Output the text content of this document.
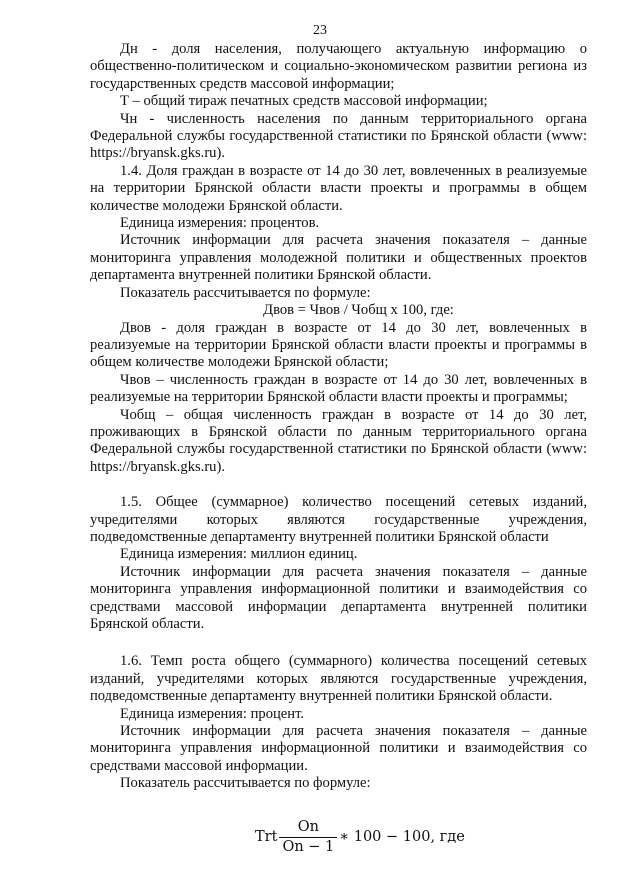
23

Дн - доля населения, получающего актуальную информацию о общественно-политическом и социально-экономическом развитии региона из государственных средств массовой информации;

Т – общий тираж печатных средств массовой информации;

Чн - численность населения по данным территориального органа Федеральной службы государственной статистики по Брянской области (www: https://bryansk.gks.ru).

1.4. Доля граждан в возрасте от 14 до 30 лет, вовлеченных в реализуемые на территории Брянской области власти проекты и программы в общем количестве молодежи Брянской области.

Единица измерения: процентов.

Источник информации для расчета значения показателя – данные мониторинга управления молодежной политики и общественных проектов департамента внутренней политики Брянской области.

Показатель рассчитывается по формуле:

Двов = Чвов / Чобщ х 100, где:

Двов - доля граждан в возрасте от 14 до 30 лет, вовлеченных в реализуемые на территории Брянской области власти проекты и программы в общем количестве молодежи Брянской области;

Чвов – численность граждан в возрасте от 14 до 30 лет, вовлеченных в реализуемые на территории Брянской области власти проекты и программы;

Чобщ – общая численность граждан в возрасте от 14 до 30 лет, проживающих в Брянской области по данным территориального органа Федеральной службы государственной статистики по Брянской области (www: https://bryansk.gks.ru).

1.5. Общее (суммарное) количество посещений сетевых изданий, учредителями которых являются государственные учреждения, подведомственные департаменту внутренней политики Брянской области

Единица измерения: миллион единиц.

Источник информации для расчета значения показателя – данные мониторинга управления информационной политики и взаимодействия со средствами массовой информации департамента внутренней политики Брянской области.

1.6. Темп роста общего (суммарного) количества посещений сетевых изданий, учредителями которых являются государственные учреждения, подведомственные департаменту внутренней политики Брянской области.

Единица измерения: процент.

Источник информации для расчета значения показателя – данные мониторинга управления информационной политики и взаимодействия со средствами массовой информации.

Показатель рассчитывается по формуле:

Trt $\frac{On}{On - 1}$ ∗ 100 − 100, где
